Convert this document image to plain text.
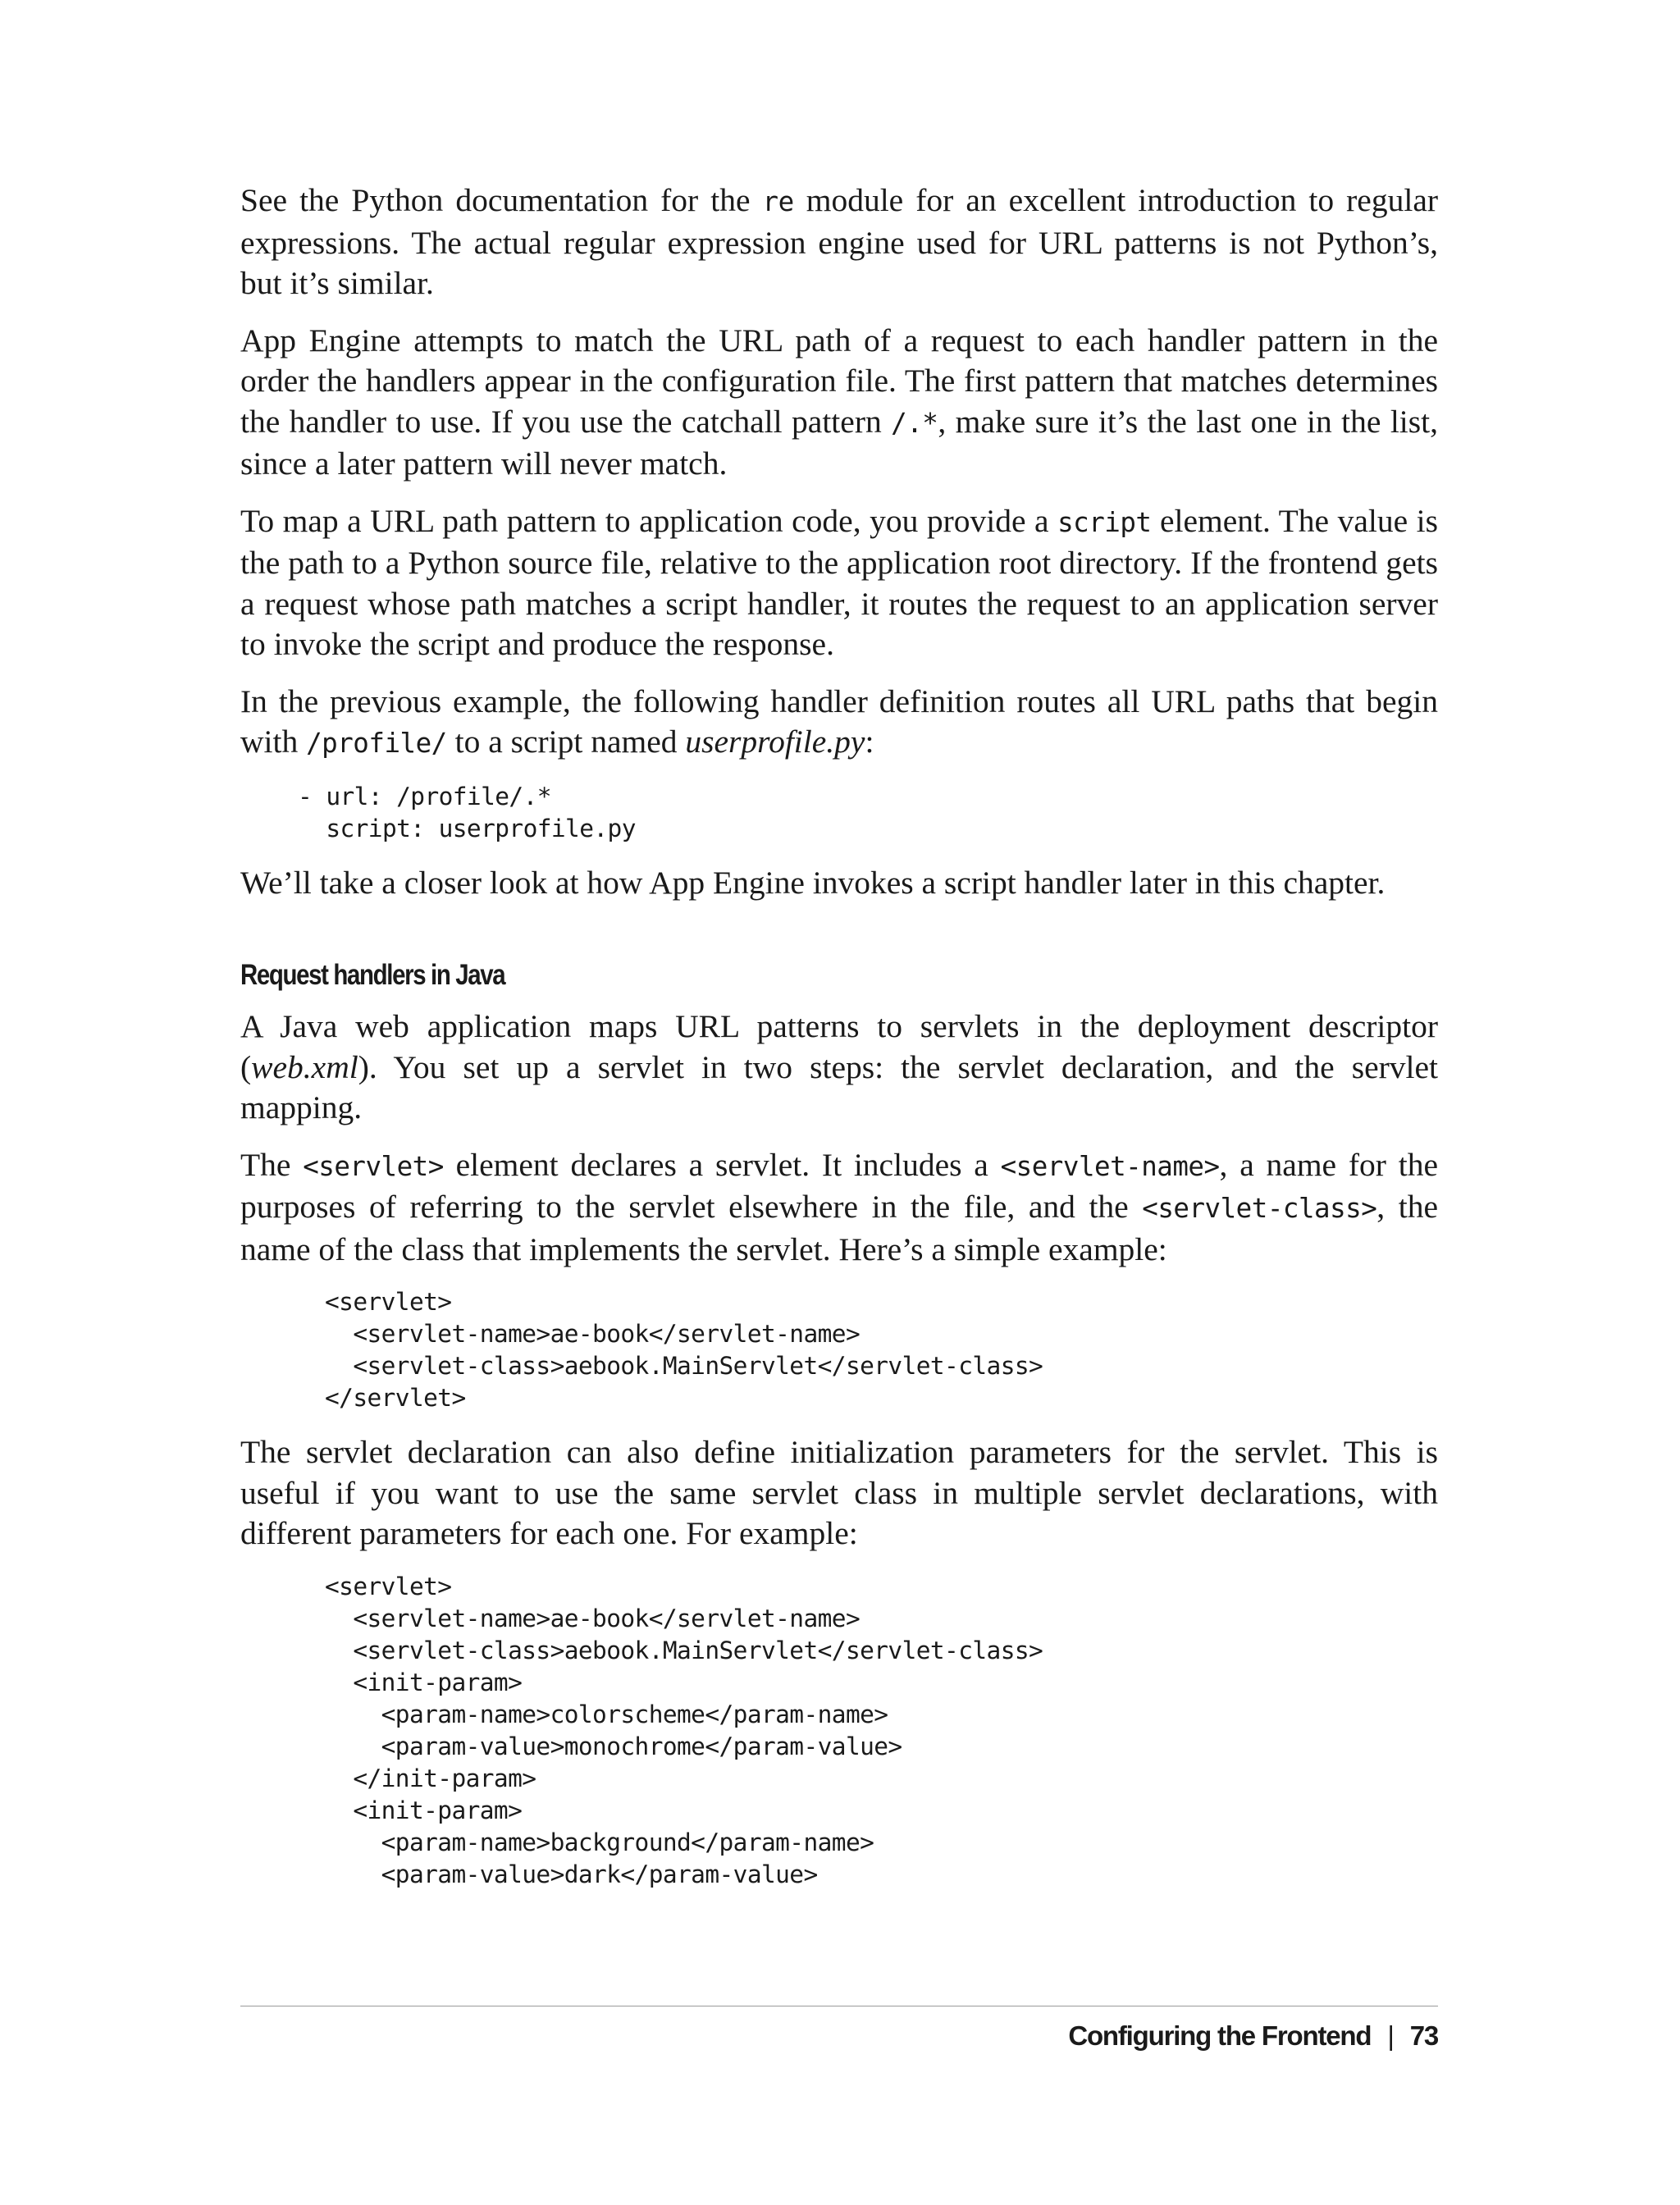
See the Python documentation for the re module for an excellent introduction to regular expressions. The actual regular expression engine used for URL patterns is not Python’s, but it’s similar.

App Engine attempts to match the URL path of a request to each handler pattern in the order the handlers appear in the configuration file. The first pattern that matches determines the handler to use. If you use the catchall pattern /.*, make sure it’s the last one in the list, since a later pattern will never match.

To map a URL path pattern to application code, you provide a script element. The value is the path to a Python source file, relative to the application root directory. If the frontend gets a request whose path matches a script handler, it routes the request to an application server to invoke the script and produce the response.

In the previous example, the following handler definition routes all URL paths that begin with /profile/ to a script named userprofile.py:

- url: /profile/.*
script: userprofile.py

We’ll take a closer look at how App Engine invokes a script handler later in this chapter.

Request handlers in Java

A Java web application maps URL patterns to servlets in the deployment descriptor (web.xml). You set up a servlet in two steps: the servlet declaration, and the servlet mapping.

The <servlet> element declares a servlet. It includes a <servlet-name>, a name for the purposes of referring to the servlet elsewhere in the file, and the <servlet-class>, the name of the class that implements the servlet. Here’s a simple example:

<servlet>
<servlet-name>ae-book</servlet-name>
<servlet-class>aebook.MainServlet</servlet-class>
</servlet>

The servlet declaration can also define initialization parameters for the servlet. This is useful if you want to use the same servlet class in multiple servlet declarations, with different parameters for each one. For example:

<servlet>
<servlet-name>ae-book</servlet-name>
<servlet-class>aebook.MainServlet</servlet-class>
<init-param>
<param-name>colorscheme</param-name>
<param-value>monochrome</param-value>
</init-param>
<init-param>
<param-name>background</param-name>
<param-value>dark</param-value>
Configuring the Frontend | 73
